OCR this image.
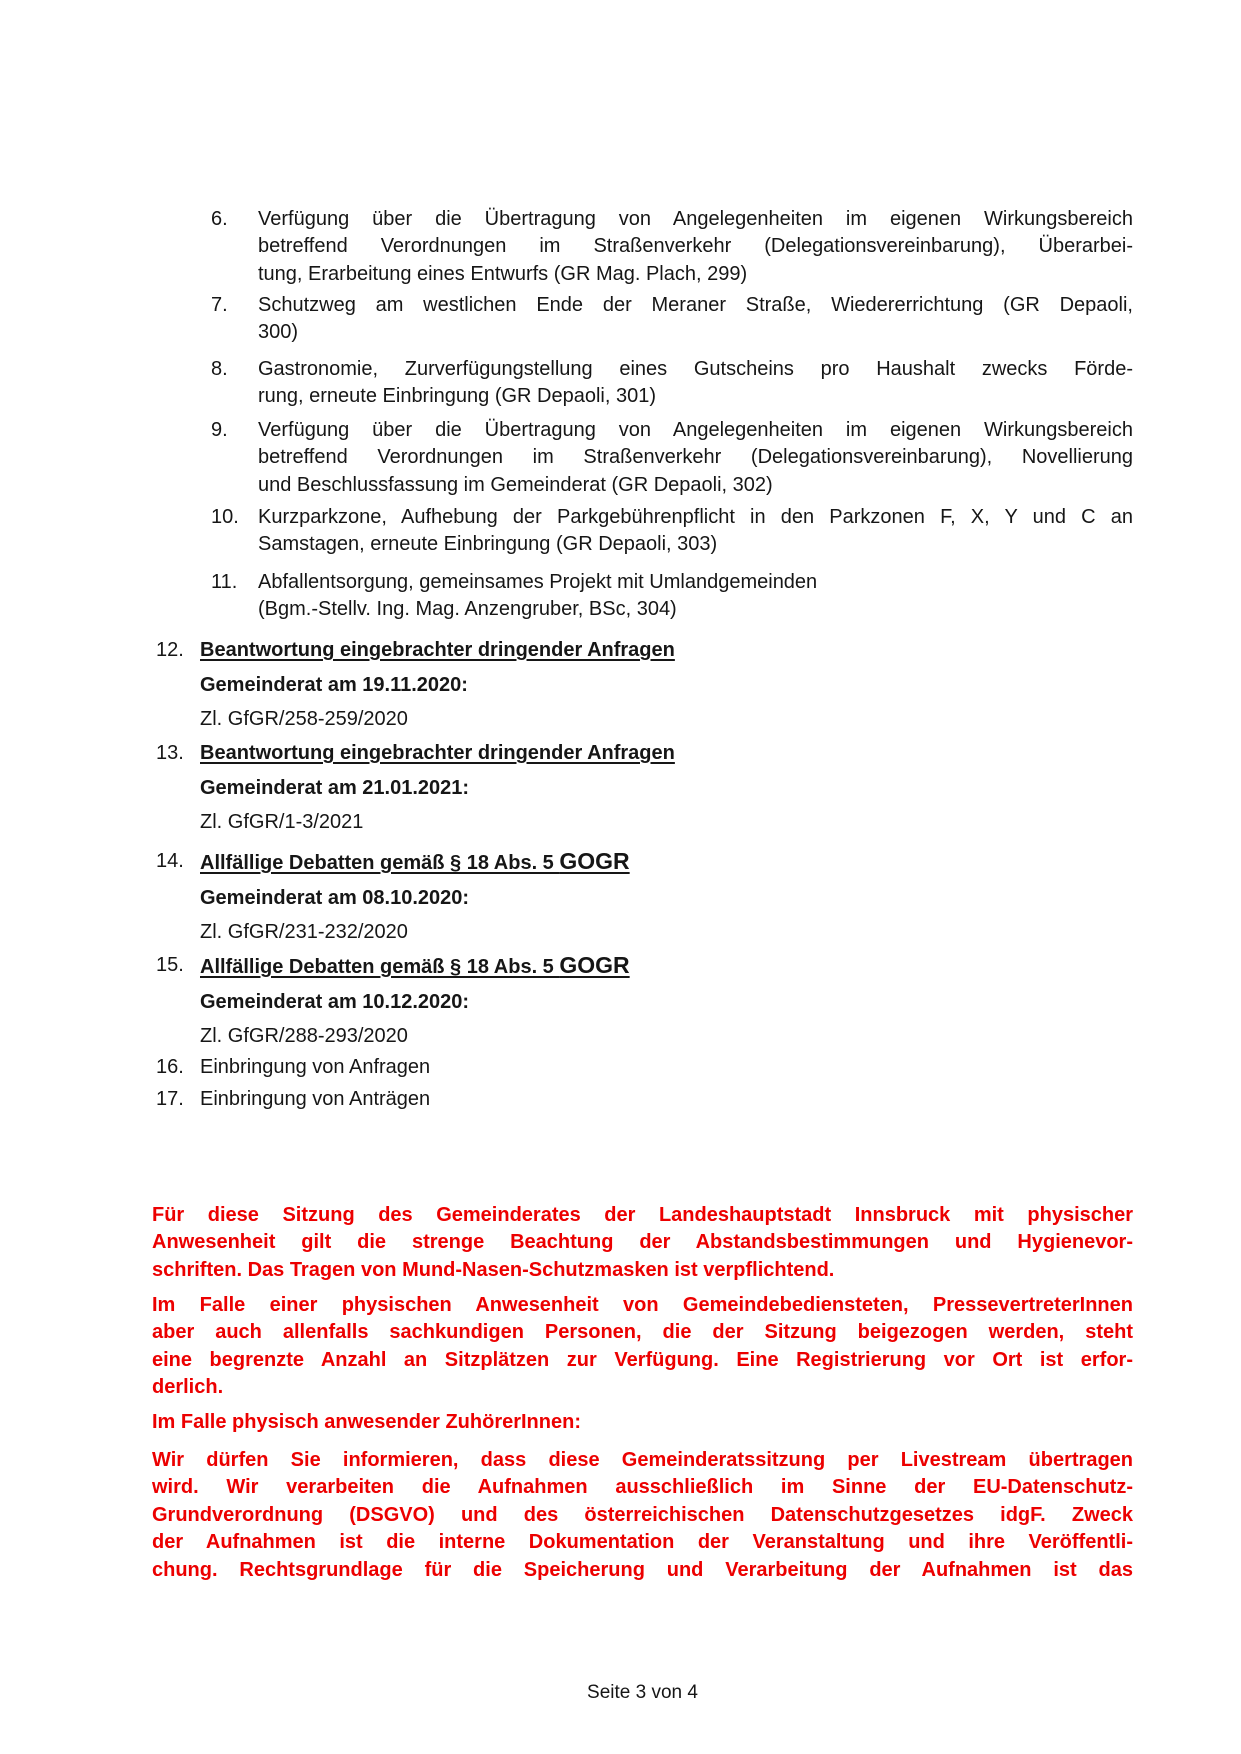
6.	Verfügung über die Übertragung von Angelegenheiten im eigenen Wirkungsbereich
betreffend Verordnungen im Straßenverkehr (Delegationsvereinbarung), Überarbei-
tung, Erarbeitung eines Entwurfs (GR Mag. Plach, 299)
7.	Schutzweg am westlichen Ende der Meraner Straße, Wiedererrichtung (GR Depaoli,
300)
8.	Gastronomie, Zurverfügungstellung eines Gutscheins pro Haushalt zwecks Förde-
rung, erneute Einbringung (GR Depaoli, 301)
9.	Verfügung über die Übertragung von Angelegenheiten im eigenen Wirkungsbereich
betreffend Verordnungen im Straßenverkehr (Delegationsvereinbarung), Novellierung
und Beschlussfassung im Gemeinderat (GR Depaoli, 302)
10. Kurzparkzone, Aufhebung der Parkgebührenpflicht in den Parkzonen F, X, Y und C an
Samstagen, erneute Einbringung (GR Depaoli, 303)
11.	Abfallentsorgung, gemeinsames Projekt mit Umlandgemeinden
(Bgm.-Stellv. Ing. Mag. Anzengruber, BSc, 304)
12. Beantwortung eingebrachter dringender Anfragen
Gemeinderat am 19.11.2020:
Zl. GfGR/258-259/2020
13. Beantwortung eingebrachter dringender Anfragen
Gemeinderat am 21.01.2021:
Zl. GfGR/1-3/2021
14. Allfällige Debatten gemäß § 18 Abs. 5 GOGR
Gemeinderat am 08.10.2020:
Zl. GfGR/231-232/2020
15. Allfällige Debatten gemäß § 18 Abs. 5 GOGR
Gemeinderat am 10.12.2020:
Zl. GfGR/288-293/2020
16. Einbringung von Anfragen
17. Einbringung von Anträgen
Für diese Sitzung des Gemeinderates der Landeshauptstadt Innsbruck mit physischer
Anwesenheit gilt die strenge Beachtung der Abstandsbestimmungen und Hygienevor-
schriften. Das Tragen von Mund-Nasen-Schutzmasken ist verpflichtend.
Im Falle einer physischen Anwesenheit von Gemeindebediensteten, PressevertreterInnen
aber auch allenfalls sachkundigen Personen, die der Sitzung beigezogen werden, steht
eine begrenzte Anzahl an Sitzplätzen zur Verfügung. Eine Registrierung vor Ort ist erfor-
derlich.
Im Falle physisch anwesender ZuhörerInnen:
Wir dürfen Sie informieren, dass diese Gemeinderatssitzung per Livestream übertragen
wird. Wir verarbeiten die Aufnahmen ausschließlich im Sinne der EU-Datenschutz-
Grundverordnung (DSGVO) und des österreichischen Datenschutzgesetzes idgF. Zweck
der Aufnahmen ist die interne Dokumentation der Veranstaltung und ihre Veröffentli-
chung. Rechtsgrundlage für die Speicherung und Verarbeitung der Aufnahmen ist das
Seite 3 von 4
